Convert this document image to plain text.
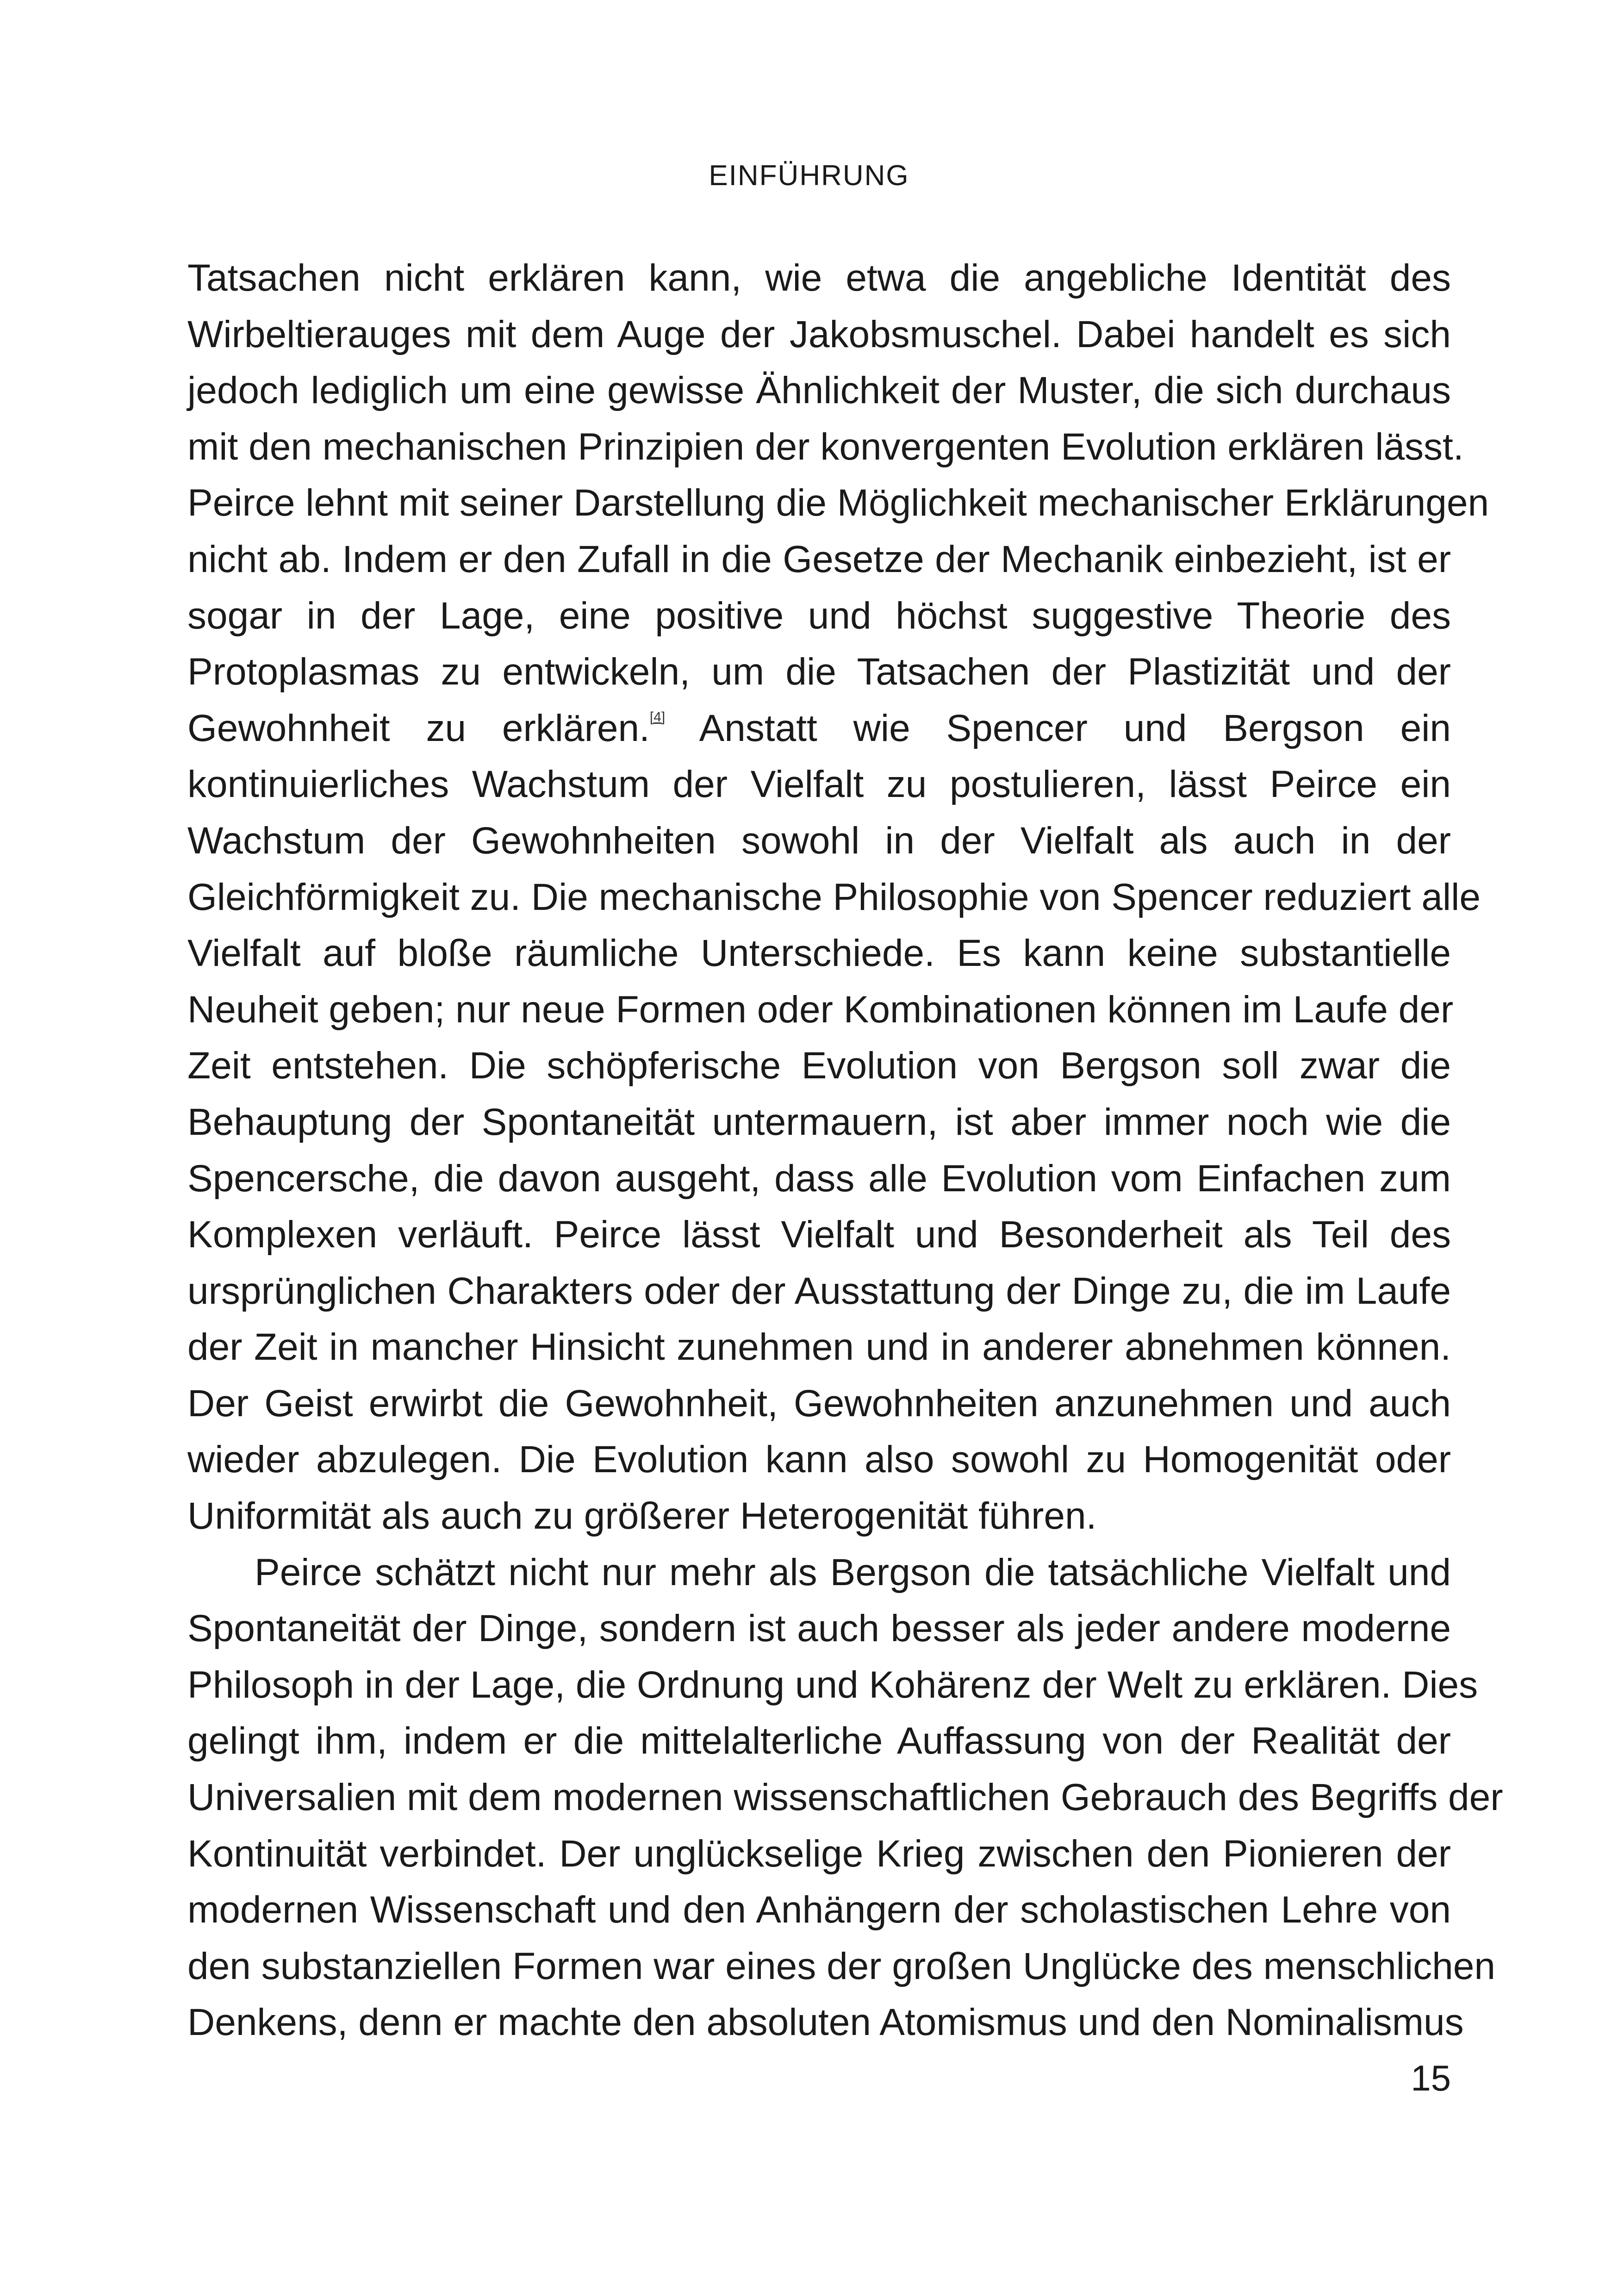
EINFÜHRUNG
Tatsachen nicht erklären kann, wie etwa die angebliche Identität des
Wirbeltierauges mit dem Auge der Jakobsmuschel. Dabei handelt es sich
jedoch lediglich um eine gewisse Ähnlichkeit der Muster, die sich durchaus
mit den mechanischen Prinzipien der konvergenten Evolution erklären lässt.
Peirce lehnt mit seiner Darstellung die Möglichkeit mechanischer Erklärungen
nicht ab. Indem er den Zufall in die Gesetze der Mechanik einbezieht, ist er
sogar in der Lage, eine positive und höchst suggestive Theorie des
Protoplasmas zu entwickeln, um die Tatsachen der Plastizität und der
Gewohnheit zu erklären.[4] Anstatt wie Spencer und Bergson ein
kontinuierliches Wachstum der Vielfalt zu postulieren, lässt Peirce ein
Wachstum der Gewohnheiten sowohl in der Vielfalt als auch in der
Gleichförmigkeit zu. Die mechanische Philosophie von Spencer reduziert alle
Vielfalt auf bloße räumliche Unterschiede. Es kann keine substantielle
Neuheit geben; nur neue Formen oder Kombinationen können im Laufe der
Zeit entstehen. Die schöpferische Evolution von Bergson soll zwar die
Behauptung der Spontaneität untermauern, ist aber immer noch wie die
Spencersche, die davon ausgeht, dass alle Evolution vom Einfachen zum
Komplexen verläuft. Peirce lässt Vielfalt und Besonderheit als Teil des
ursprünglichen Charakters oder der Ausstattung der Dinge zu, die im Laufe
der Zeit in mancher Hinsicht zunehmen und in anderer abnehmen können.
Der Geist erwirbt die Gewohnheit, Gewohnheiten anzunehmen und auch
wieder abzulegen. Die Evolution kann also sowohl zu Homogenität oder
Uniformität als auch zu größerer Heterogenität führen.
Peirce schätzt nicht nur mehr als Bergson die tatsächliche Vielfalt und
Spontaneität der Dinge, sondern ist auch besser als jeder andere moderne
Philosoph in der Lage, die Ordnung und Kohärenz der Welt zu erklären. Dies
gelingt ihm, indem er die mittelalterliche Auffassung von der Realität der
Universalien mit dem modernen wissenschaftlichen Gebrauch des Begriffs der
Kontinuität verbindet. Der unglückselige Krieg zwischen den Pionieren der
modernen Wissenschaft und den Anhängern der scholastischen Lehre von
den substanziellen Formen war eines der großen Unglücke des menschlichen
Denkens, denn er machte den absoluten Atomismus und den Nominalismus
15
